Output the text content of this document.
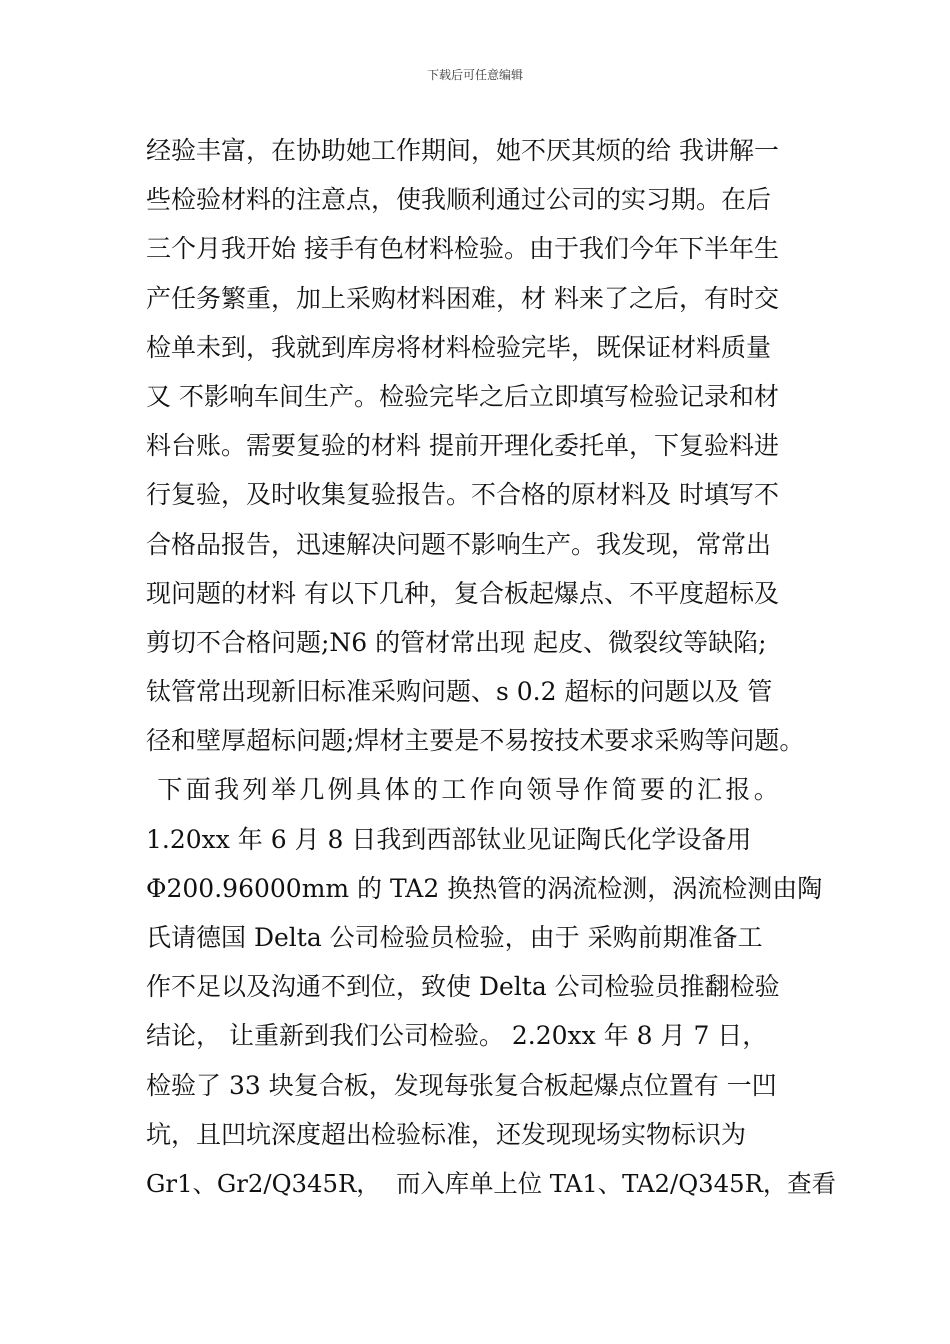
下载后可任意编辑
经验丰富，在协助她工作期间，她不厌其烦的给 我讲解一
些检验材料的注意点，使我顺利通过公司的实习期。在后
三个月我开始 接手有色材料检验。由于我们今年下半年生
产任务繁重，加上采购材料困难，材 料来了之后，有时交
检单未到，我就到库房将材料检验完毕，既保证材料质量
又 不影响车间生产。检验完毕之后立即填写检验记录和材
料台账。需要复验的材料 提前开理化委托单，下复验料进
行复验，及时收集复验报告。不合格的原材料及 时填写不
合格品报告，迅速解决问题不影响生产。我发现，常常出
现问题的材料 有以下几种，复合板起爆点、不平度超标及
剪切不合格问题;N6 的管材常出现 起皮、微裂纹等缺陷;
钛管常出现新旧标准采购问题、s 0.2 超标的问题以及 管
径和壁厚超标问题;焊材主要是不易按技术要求采购等问题。
下面我列举几例具体的工作向领导作简要的汇报。
1.20xx 年 6 月 8 日我到西部钛业见证陶氏化学设备用
Φ200.96000mm 的 TA2 换热管的涡流检测，涡流检测由陶
氏请德国 Delta 公司检验员检验，由于 采购前期准备工
作不足以及沟通不到位，致使 Delta 公司检验员推翻检验
结论， 让重新到我们公司检验。 2.20xx 年 8 月 7 日，
检验了 33 块复合板，发现每张复合板起爆点位置有 一凹
坑，且凹坑深度超出检验标准，还发现现场实物标识为
Gr1、Gr2/Q345R，  而入库单上位 TA1、TA2/Q345R，查看
